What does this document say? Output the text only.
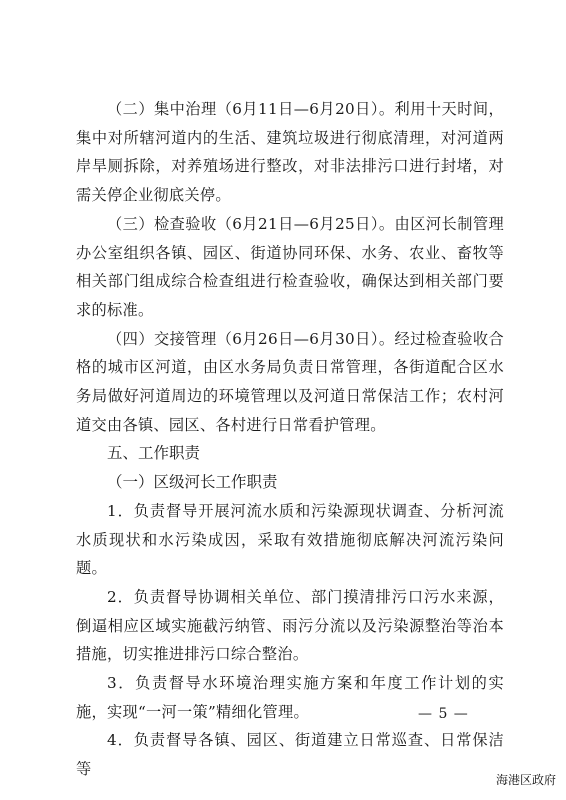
（二）集中治理（6月11日—6月20日）。利用十天时间，集中对所辖河道内的生活、建筑垃圾进行彻底清理，对河道两岸旱厕拆除，对养殖场进行整改，对非法排污口进行封堵，对需关停企业彻底关停。

（三）检查验收（6月21日—6月25日）。由区河长制管理办公室组织各镇、园区、街道协同环保、水务、农业、畜牧等相关部门组成综合检查组进行检查验收，确保达到相关部门要求的标准。

（四）交接管理（6月26日—6月30日）。经过检查验收合格的城市区河道，由区水务局负责日常管理，各街道配合区水务局做好河道周边的环境管理以及河道日常保洁工作；农村河道交由各镇、园区、各村进行日常看护管理。

五、工作职责

（一）区级河长工作职责

1．负责督导开展河流水质和污染源现状调查、分析河流水质现状和水污染成因，采取有效措施彻底解决河流污染问题。

2．负责督导协调相关单位、部门摸清排污口污水来源，倒逼相应区域实施截污纳管、雨污分流以及污染源整治等治本措施，切实推进排污口综合整治。

3．负责督导水环境治理实施方案和年度工作计划的实施，实现“一河一策”精细化管理。

4．负责督导各镇、园区、街道建立日常巡查、日常保洁等

— 5 —
海港区政府
